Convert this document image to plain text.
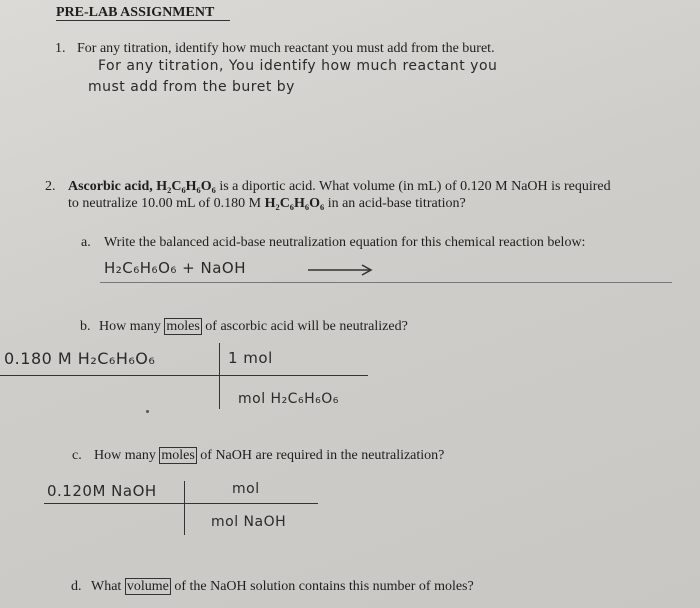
PRE-LAB ASSIGNMENT
1. For any titration, identify how much reactant you must add from the buret.
For any titration, You identify how much reactant you
must add from the buret by
2. Ascorbic acid, H₂C₆H₆O₆ is a diportic acid. What volume (in mL) of 0.120 M NaOH is required
to neutralize 10.00 mL of 0.180 M H₂C₆H₆O₆ in an acid-base titration?
a. Write the balanced acid-base neutralization equation for this chemical reaction below:
H₂C₆H₆O₆ + NaOH
b. How many moles of ascorbic acid will be neutralized?
0.180 M H₂C₆H₆O₆	1 mol
mol H₂C₆H₆O₆
c. How many moles of NaOH are required in the neutralization?
0.120M NaOH	mol
mol NaOH
d. What volume of the NaOH solution contains this number of moles?
